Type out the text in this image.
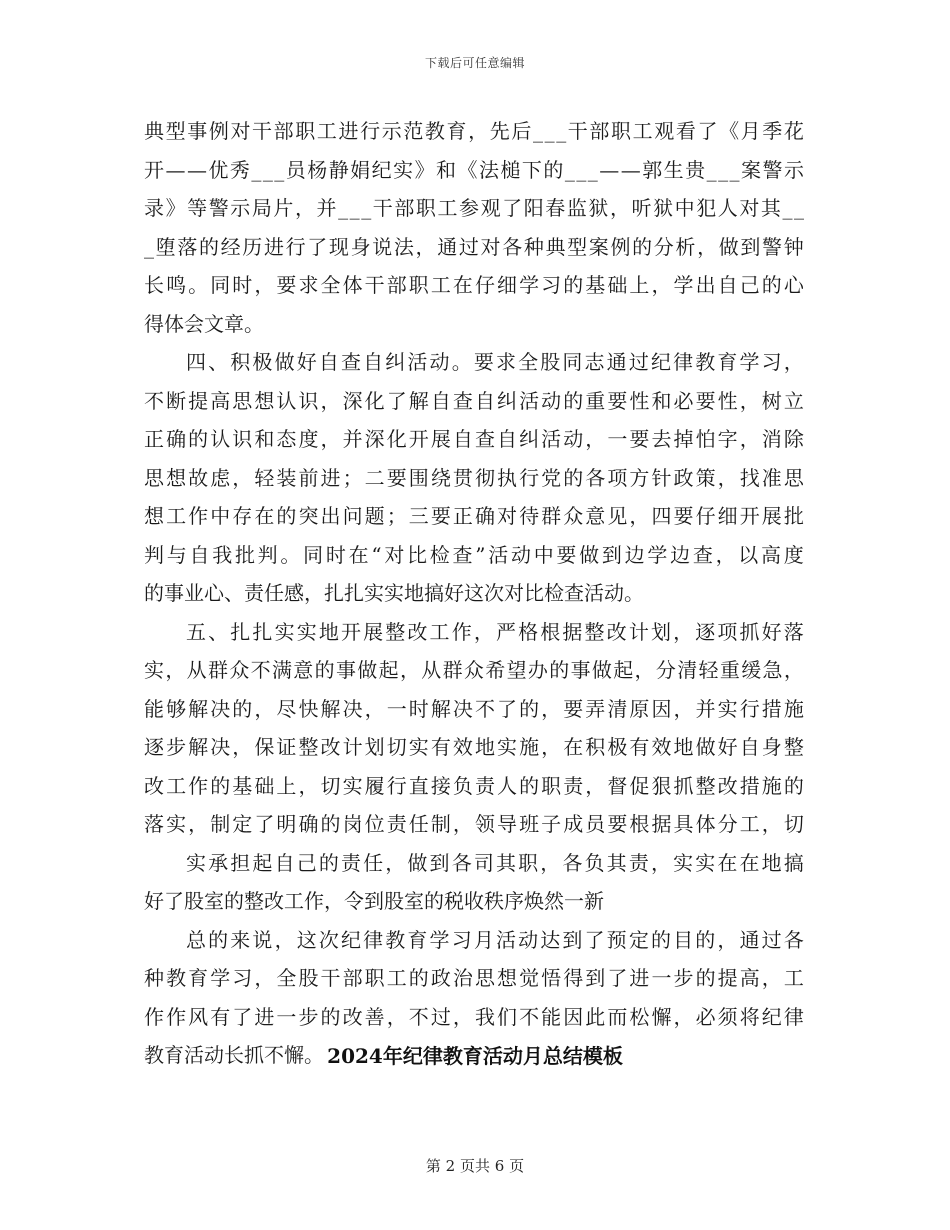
下载后可任意编辑
典 型 事 例 对 干 部 职 工 进 行 示 范 教 育 ， 先 后 _ _ _ 干 部 职 工 观 看 了 《 月 季 花
开 — — 优 秀 _ _ _ 员 杨 静 娟 纪 实 》 和 《 法 槌 下 的 _ _ _ — — 郭 生 贵 _ _ _ 案 警 示
录 》 等 警 示 局 片 ， 并 _ _ _ 干 部 职 工 参 观 了 阳 春 监 狱 ， 听 狱 中 犯 人 对 其 _ _
_ 堕 落 的 经 历 进 行 了 现 身 说 法 ， 通 过 对 各 种 典 型 案 例 的 分 析 ， 做 到 警 钟
长 鸣 。 同 时 ， 要 求 全 体 干 部 职 工 在 仔 细 学 习 的 基 础 上 ， 学 出 自 己 的 心
得体会文章。
四 、 积 极 做 好 自 查 自 纠 活 动 。 要 求 全 股 同 志 通 过 纪 律 教 育 学 习 ，
不 断 提 高 思 想 认 识 ， 深 化 了 解 自 查 自 纠 活 动 的 重 要 性 和 必 要 性 ， 树 立
正 确 的 认 识 和 态 度 ， 并 深 化 开 展 自 查 自 纠 活 动 ， 一 要 去 掉 怕 字 ， 消 除
思 想 故 虑 ， 轻 装 前 进 ； 二 要 围 绕 贯 彻 执 行 党 的 各 项 方 针 政 策 ， 找 准 思
想 工 作 中 存 在 的 突 出 问 题 ； 三 要 正 确 对 待 群 众 意 见 ， 四 要 仔 细 开 展 批
判 与 自 我 批 判 。 同 时 在 “ 对 比 检 查 ” 活 动 中 要 做 到 边 学 边 查 ， 以 高 度
的事业心、责任感，扎扎实实地搞好这次对比检查活动。
五 、 扎 扎 实 实 地 开 展 整 改 工 作 ， 严 格 根 据 整 改 计 划 ， 逐 项 抓 好 落
实 ， 从 群 众 不 满 意 的 事 做 起 ， 从 群 众 希 望 办 的 事 做 起 ， 分 清 轻 重 缓 急 ，
能 够 解 决 的 ， 尽 快 解 决 ， 一 时 解 决 不 了 的 ， 要 弄 清 原 因 ， 并 实 行 措 施
逐 步 解 决 ， 保 证 整 改 计 划 切 实 有 效 地 实 施 ， 在 积 极 有 效 地 做 好 自 身 整
改 工 作 的 基 础 上 ， 切 实 履 行 直 接 负 责 人 的 职 责 ， 督 促 狠 抓 整 改 措 施 的
落 实 ， 制 定 了 明 确 的 岗 位 责 任 制 ， 领 导 班 子 成 员 要 根 据 具 体 分 工 ， 切
实 承 担 起 自 己 的 责 任 ， 做 到 各 司 其 职 ， 各 负 其 责 ， 实 实 在 在 地 搞
好了股室的整改工作，令到股室的税收秩序焕然一新
总 的 来 说 ， 这 次 纪 律 教 育 学 习 月 活 动 达 到 了 预 定 的 目 的 ， 通 过 各
种 教 育 学 习 ， 全 股 干 部 职 工 的 政 治 思 想 觉 悟 得 到 了 进 一 步 的 提 高 ， 工
作 作 风 有 了 进 一 步 的 改 善 ， 不 过 ， 我 们 不 能 因 此 而 松 懈 ， 必 须 将 纪 律
教育活动长抓不懈。 2024年纪律教育活动月总结模板
第 2 页共 6 页
